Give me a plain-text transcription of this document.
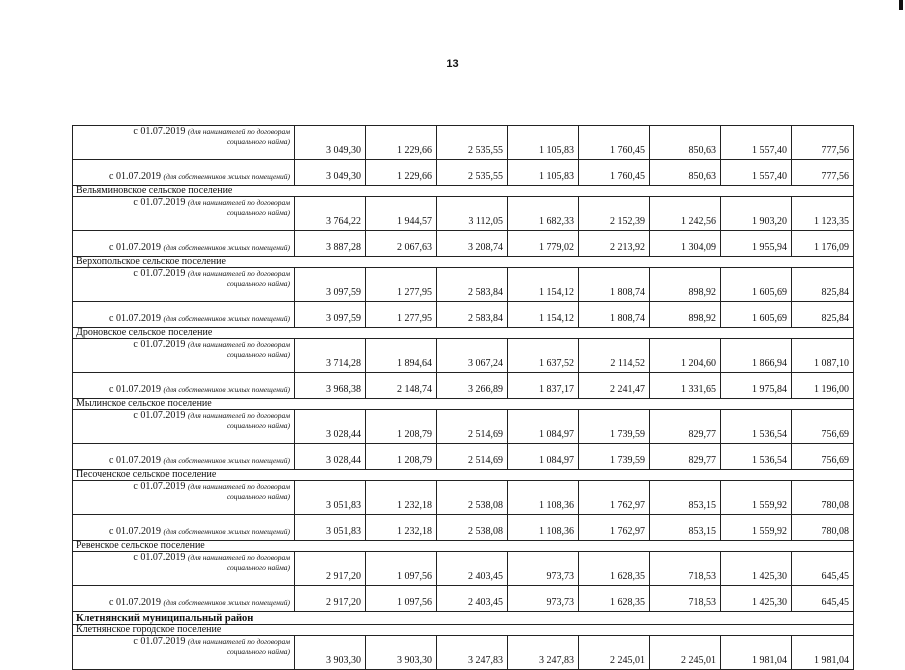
13
с 01.07.2019 (для нанимателей по договорам
социального найма)	3 049,30	1 229,66	2 535,55	1 105,83	1 760,45	850,63	1 557,40	777,56
с 01.07.2019 (для собственников жилых помещений)	3 049,30	1 229,66	2 535,55	1 105,83	1 760,45	850,63	1 557,40	777,56
Вельяминовское сельское поселение								
с 01.07.2019 (для нанимателей по договорам
социального найма)	3 764,22	1 944,57	3 112,05	1 682,33	2 152,39	1 242,56	1 903,20	1 123,35
с 01.07.2019 (для собственников жилых помещений)	3 887,28	2 067,63	3 208,74	1 779,02	2 213,92	1 304,09	1 955,94	1 176,09
Верхопольское сельское поселение								
с 01.07.2019 (для нанимателей по договорам
социального найма)	3 097,59	1 277,95	2 583,84	1 154,12	1 808,74	898,92	1 605,69	825,84
с 01.07.2019 (для собственников жилых помещений)	3 097,59	1 277,95	2 583,84	1 154,12	1 808,74	898,92	1 605,69	825,84
Дроновское сельское поселение								
с 01.07.2019 (для нанимателей по договорам
социального найма)	3 714,28	1 894,64	3 067,24	1 637,52	2 114,52	1 204,60	1 866,94	1 087,10
с 01.07.2019 (для собственников жилых помещений)	3 968,38	2 148,74	3 266,89	1 837,17	2 241,47	1 331,65	1 975,84	1 196,00
Мылинское сельское поселение								
с 01.07.2019 (для нанимателей по договорам
социального найма)	3 028,44	1 208,79	2 514,69	1 084,97	1 739,59	829,77	1 536,54	756,69
с 01.07.2019 (для собственников жилых помещений)	3 028,44	1 208,79	2 514,69	1 084,97	1 739,59	829,77	1 536,54	756,69
Песоченское сельское поселение								
с 01.07.2019 (для нанимателей по договорам
социального найма)	3 051,83	1 232,18	2 538,08	1 108,36	1 762,97	853,15	1 559,92	780,08
с 01.07.2019 (для собственников жилых помещений)	3 051,83	1 232,18	2 538,08	1 108,36	1 762,97	853,15	1 559,92	780,08
Ревенское сельское поселение								
с 01.07.2019 (для нанимателей по договорам
социального найма)	2 917,20	1 097,56	2 403,45	973,73	1 628,35	718,53	1 425,30	645,45
с 01.07.2019 (для собственников жилых помещений)	2 917,20	1 097,56	2 403,45	973,73	1 628,35	718,53	1 425,30	645,45
Клетнянский муниципальный район								
Клетнянское городское поселение								
с 01.07.2019 (для нанимателей по договорам
социального найма)	3 903,30	3 903,30	3 247,83	3 247,83	2 245,01	2 245,01	1 981,04	1 981,04
